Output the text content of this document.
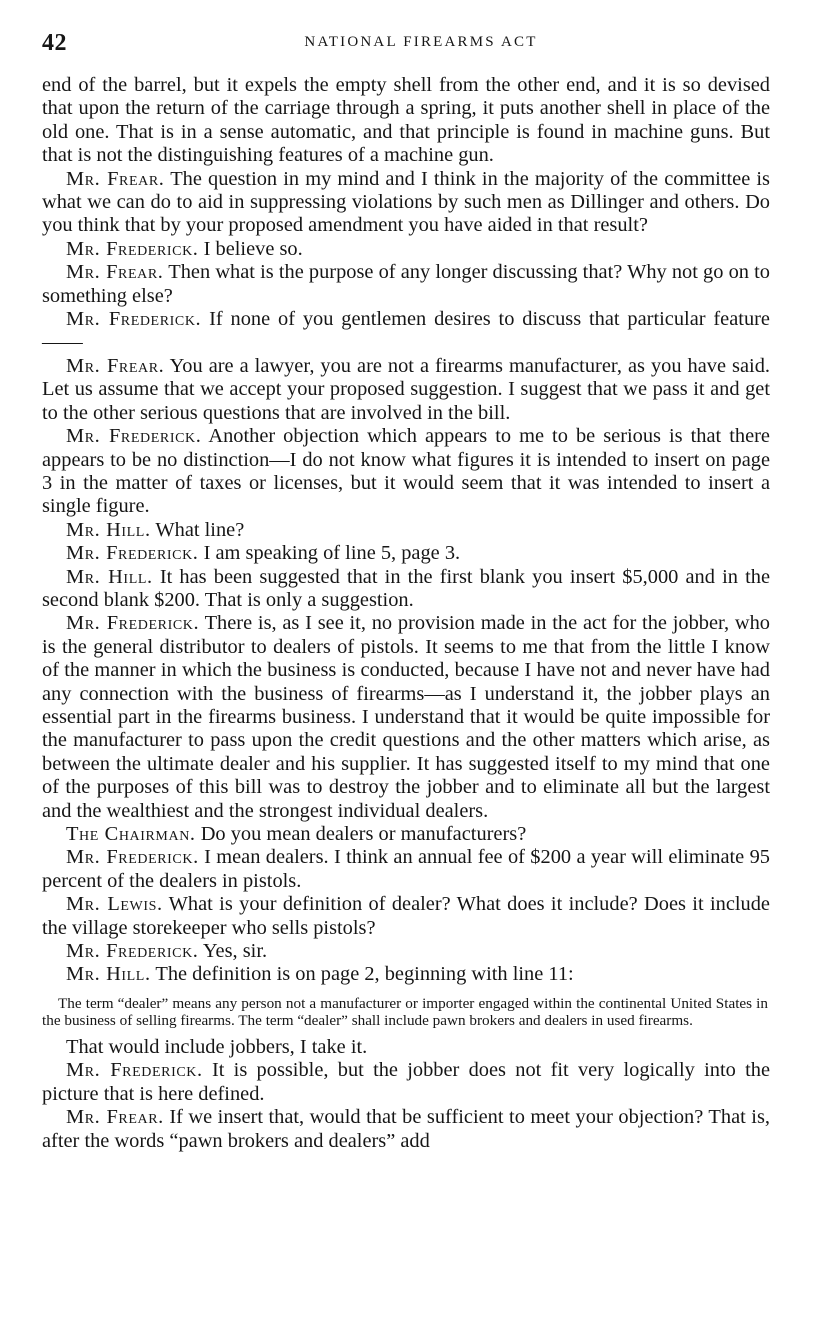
42	NATIONAL FIREARMS ACT

end of the barrel, but it expels the empty shell from the other end, and it is so devised that upon the return of the carriage through a spring, it puts another shell in place of the old one. That is in a sense automatic, and that principle is found in machine guns. But that is not the distinguishing features of a machine gun.

Mr. Frear. The question in my mind and I think in the majority of the committee is what we can do to aid in suppressing violations by such men as Dillinger and others. Do you think that by your proposed amendment you have aided in that result?

Mr. Frederick. I believe so.

Mr. Frear. Then what is the purpose of any longer discussing that? Why not go on to something else?

Mr. Frederick. If none of you gentlemen desires to discuss that particular feature——

Mr. Frear. You are a lawyer, you are not a firearms manufacturer, as you have said. Let us assume that we accept your proposed suggestion. I suggest that we pass it and get to the other serious questions that are involved in the bill.

Mr. Frederick. Another objection which appears to me to be serious is that there appears to be no distinction—I do not know what figures it is intended to insert on page 3 in the matter of taxes or licenses, but it would seem that it was intended to insert a single figure.

Mr. Hill. What line?

Mr. Frederick. I am speaking of line 5, page 3.

Mr. Hill. It has been suggested that in the first blank you insert $5,000 and in the second blank $200. That is only a suggestion.

Mr. Frederick. There is, as I see it, no provision made in the act for the jobber, who is the general distributor to dealers of pistols. It seems to me that from the little I know of the manner in which the business is conducted, because I have not and never have had any connection with the business of firearms—as I understand it, the jobber plays an essential part in the firearms business. I understand that it would be quite impossible for the manufacturer to pass upon the credit questions and the other matters which arise, as between the ultimate dealer and his supplier. It has suggested itself to my mind that one of the purposes of this bill was to destroy the jobber and to eliminate all but the largest and the wealthiest and the strongest individual dealers.

The Chairman. Do you mean dealers or manufacturers?

Mr. Frederick. I mean dealers. I think an annual fee of $200 a year will eliminate 95 percent of the dealers in pistols.

Mr. Lewis. What is your definition of dealer? What does it include? Does it include the village storekeeper who sells pistols?

Mr. Frederick. Yes, sir.

Mr. Hill. The definition is on page 2, beginning with line 11:

The term “dealer” means any person not a manufacturer or importer engaged within the continental United States in the business of selling firearms. The term “dealer” shall include pawn brokers and dealers in used firearms.

That would include jobbers, I take it.

Mr. Frederick. It is possible, but the jobber does not fit very logically into the picture that is here defined.

Mr. Frear. If we insert that, would that be sufficient to meet your objection? That is, after the words “pawn brokers and dealers” add
